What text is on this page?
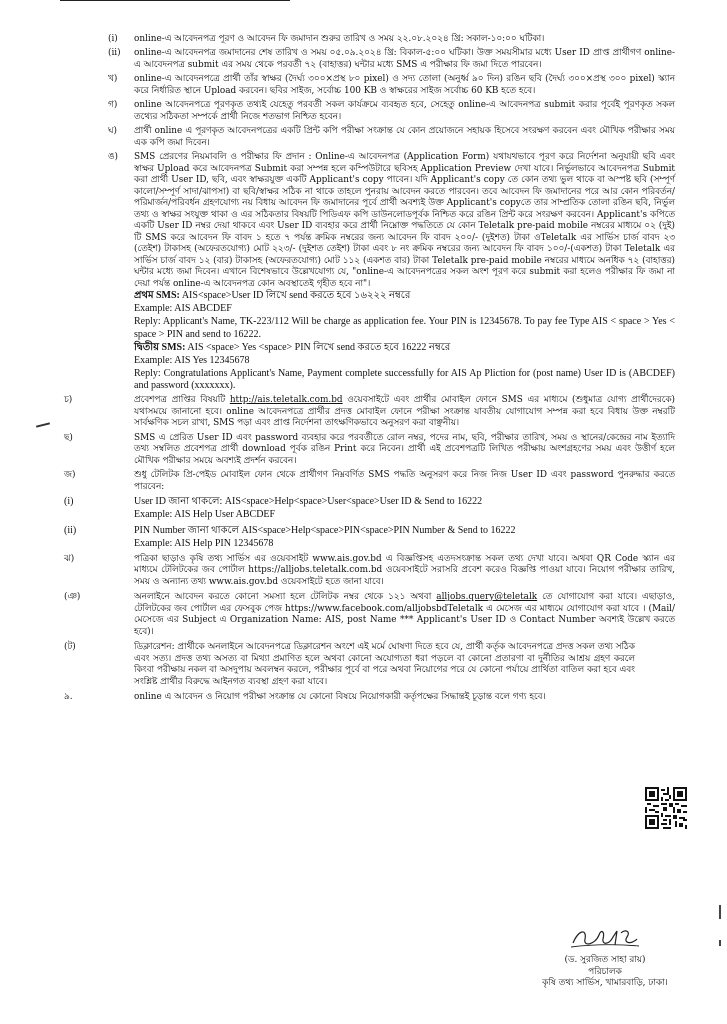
(i) online-এ আবেদনপত্র পূরণ ও আবেদন ফি জমাদান শুরুর তারিখ ও সময় ২২.০৮.২০২৪ খ্রি: সকাল-১০:০০ ঘটিকা।

(ii) online-এ আবেদনপত্র জমাদানের শেষ তারিখ ও সময় ০৫.০৯.২০২৪ খ্রি: বিকাল-৫:০০ ঘটিকা। উক্ত সময়সীমার মধ্যে User ID প্রাপ্ত প্রার্থীগণ online-এ আবেদনপত্র submit এর সময় থেকে পরবর্তী ৭২ (বাহাত্তর) ঘন্টার মধ্যে SMS এ পরীক্ষার ফি জমা দিতে পারবেন।

খ) online-এ আবেদনপত্রে প্রার্থী তাঁর স্বাক্ষর (দৈর্ঘ্য ৩০০×প্রস্থ ৮০ pixel) ও সদ্য তোলা (অনুর্ধ্ব ৯০ দিন) রঙিন ছবি (দৈর্ঘ্য ৩০০×প্রস্থ ৩০০ pixel) স্ক্যান করে নির্ধারিত স্থানে Upload করবেন। ছবির সাইজ, সর্বোচ্চ 100 KB ও স্বাক্ষরের সাইজ সর্বোচ্চ 60 KB হতে হবে।

গ) online আবেদনপত্রে পূরণকৃত তথ্যই যেহেতু পরবর্তী সকল কার্যক্রমে ব্যবহৃত হবে, সেহেতু online-এ আবেদনপত্র submit করার পূর্বেই পূরণকৃত সকল তথ্যের সঠিকতা সম্পর্কে প্রার্থী নিজে শতভাগ নিশ্চিত হবেন।

ঘ) প্রার্থী online এ পূরণকৃত আবেদনপত্রের একটি প্রিন্ট কপি পরীক্ষা সংক্রান্ত যে কোন প্রয়োজনে সহায়ক হিসেবে সংরক্ষণ করবেন এবং মৌখিক পরীক্ষার সময় এক কপি জমা দিবেন।

ঙ) SMS প্রেরণের নিয়মাবলি ও পরীক্ষার ফি প্রদান : Online-এ আবেদনপত্র (Application Form) যথাযথভাবে পূরণ করে নির্দেশনা অনুযায়ী ছবি এবং স্বাক্ষর Upload করে আবেদনপত্র Submit করা সম্পন্ন হলে কম্পিউটারে ছবিসহ Application Preview দেখা যাবে। নির্ভুলভাবে আবেদনপত্র Submit করা প্রার্থী User ID, ছবি, এবং স্বাক্ষরযুক্ত একটি Applicant's copy পাবেন। যদি Applicant's copy তে কোন তথ্য ভুল থাকে বা অস্পষ্ট ছবি (সম্পূর্ণ কালো/সম্পূর্ণ সাদা/ঝাপসা) বা ছবি/স্বাক্ষর সঠিক না থাকে তাহলে পুনরায় আবেদন করতে পারবেন। তবে আবেদন ফি জমাদানের পরে আর কোন পরিবর্তন/পরিমার্জন/পরিবর্ধন গ্রহণযোগ্য নয় বিধায় আবেদন ফি জমাদানের পূর্বে প্রার্থী অবশ্যই উক্ত Applicant's copyতে তার সাম্প্রতিক তোলা রঙিন ছবি, নির্ভুল তথ্য ও স্বাক্ষর সংযুক্ত থাকা ও এর সঠিকতার বিষয়টি পিডিএফ কপি ডাউনলোডপূর্বক নিশ্চিত করে রঙিন প্রিন্ট করে সংরক্ষণ করবেন। Applicant's কপিতে একটি User ID নম্বর দেয়া থাকবে এবং User ID ব্যবহার করে প্রার্থী নিম্নোক্ত পদ্ধতিতে যে কোন Teletalk pre-paid mobile নম্বরের মাধ্যমে ০২ (দুই) টি SMS করে আবেদন ফি বাবদ ১ হতে ৭ পর্যন্ত ক্রমিক নম্বরের জন্য আবেদন ফি বাবদ ২০০/- (দুইশত) টাকা ওTeletalk এর সার্ভিস চার্জ বাবদ ২৩ (তেইশ) টাকাসহ (অফেরতযোগ্য) মোট ২২৩/- (দুইশত তেইশ) টাকা এবং ৮ নং ক্রমিক নম্বরের জন্য আবেদন ফি বাবদ ১০০/-(একশত) টাকা Teletalk এর সার্ভিস চার্জ বাবদ ১২ (বার) টাকাসহ (অফেরতযোগ্য) মোট ১১২ (একশত বার) টাকা Teletalk pre-paid mobile নম্বরের মাধ্যমে অনধিক ৭২ (বাহাত্তর) ঘন্টার মধ্যে জমা দিবেন। এখানে বিশেষভাবে উল্লেখযোগ্য যে, "online-এ আবেদনপত্রের সকল অংশ পূরণ করে submit করা হলেও পরীক্ষার ফি জমা না দেয়া পর্যন্ত online-এ আবেদনপত্র কোন অবস্থাতেই গৃহীত হবে না"।

প্রথম SMS: AIS<space>User ID লিখে send করতে হবে ১৬২২২ নম্বরে

Example: AIS ABCDEF

Reply: Applicant's Name, TK-223/112 Will be charge as application fee. Your PIN is 12345678. To pay fee Type AIS < space > Yes < space > PIN and send to 16222.

দ্বিতীয় SMS: AIS <space> Yes <space> PIN লিখে send করতে হবে 16222 নম্বরে

Example: AIS Yes 12345678

Reply: Congratulations Applicant's Name, Payment complete successfully for AIS Ap Pliction for (post name) User ID is (ABCDEF) and password (xxxxxxx).

চ)	প্রবেশপত্র প্রাপ্তির বিষয়টি http://ais.teletalk.com.bd ওয়েবসাইটে এবং প্রার্থীর মোবাইল ফোনে SMS এর মাধ্যমে (শুধুমাত্র যোগ্য প্রার্থীদেরকে) যথাসময়ে জানানো হবে। online আবেদনপত্রে প্রার্থীর প্রদত্ত মোবাইল ফোনে পরীক্ষা সংক্রান্ত যাবতীয় যোগাযোগ সম্পন্ন করা হবে বিধায় উক্ত নম্বরটি সার্বক্ষণিক সচল রাখা, SMS পড়া এবং প্রাপ্ত নির্দেশনা তাৎক্ষণিকভাবে অনুসরণ করা বাঞ্ছনীয়।

ছ)	SMS এ প্রেরিত User ID এবং password ব্যবহার করে পরবর্তীতে রোল নম্বর, পদের নাম, ছবি, পরীক্ষার তারিখ, সময় ও স্থানের/কেন্দ্রের নাম ইত্যাদি তথ্য সম্বলিত প্রবেশপত্র প্রার্থী download পূর্বক রঙিন Print করে নিবেন। প্রার্থী এই প্রবেশপত্রটি লিখিত পরীক্ষায় অংশগ্রহণের সময় এবং উত্তীর্ণ হলে মৌখিক পরীক্ষার সময়ে অবশ্যই প্রদর্শন করবেন।

জ)	শুধু টেলিটক প্রি-পেইড মোবাইল ফোন থেকে প্রার্থীগণ নিম্নবর্ণিত SMS পদ্ধতি অনুসরণ করে নিজ নিজ User ID এবং password পুনরুদ্ধার করতে পারবেন:

(i)	User ID জানা থাকলে: AIS<space>Help<space>User<space>User ID & Send to 16222

Example: AIS Help User ABCDEF

(ii)	PIN Number জানা থাকলে AIS<space>Help<space>PIN<space>PIN Number & Send to 16222

Example: AIS Help PIN 12345678

ঝ)	পত্রিকা ছাড়াও কৃষি তথ্য সার্ভিস এর ওয়েবসাইট www.ais.gov.bd এ বিজ্ঞপ্তিসহ এতদসংক্রান্ত সকল তথ্য দেখা যাবে। অথবা QR Code স্ক্যান এর মাধ্যমে টেলিটকের জব পোর্টাল https://alljobs.teletalk.com.bd ওয়েবসাইটে সরাসরি প্রবেশ করেও বিজ্ঞপ্তি পাওয়া যাবে। নিয়োগ পরীক্ষার তারিখ, সময় ও অন্যান্য তথ্য www.ais.gov.bd ওয়েবসাইটে হতে জানা যাবে।

(ঞ)	অনলাইনে আবেদন করতে কোনো সমস্যা হলে টেলিটক নম্বর থেকে ১২১ অথবা alljobs.query@teletalk তে যোগাযোগ করা যাবে। এছাড়াও, টেলিটকের জব পোর্টাল এর ফেসবুক পেজ https://www.facebook.com/alljobsbdTeletalk এ মেসেজ এর মাধ্যমে যোগাযোগ করা যাবে । (Mail/মেসেজে এর Subject এ Organization Name: AIS, post Name *** Applicant's User ID ও Contact Number অবশ্যই উল্লেখ করতে হবে)।

(ট)	ডিক্লারেশন: প্রার্থীকে অনলাইনে আবেদনপত্রে ডিক্লারেশন অংশে এই মর্মে ঘোষণা দিতে হবে যে, প্রার্থী কর্তৃক আবেদনপত্রে প্রদত্ত সকল তথ্য সঠিক এবং সত্য। প্রদত্ত তথ্য অসত্য বা মিথ্যা প্রমাণিত হলে অথবা কোনো অযোগ্যতা ধরা পড়লে বা কোনো প্রতারণা বা দুর্নীতির আশ্রয় গ্রহণ করলে কিংবা পরীক্ষায় নকল বা অসদুপায় অবলম্বন করলে, পরীক্ষার পূর্বে বা পরে অথবা নিয়োগের পরে যে কোনো পর্যায়ে প্রার্থিতা বাতিল করা হবে এবং সংশ্লিষ্ট প্রার্থীর বিরুদ্ধে আইনগত ব্যবস্থা গ্রহণ করা যাবে।

৯.	online এ আবেদন ও নিয়োগ পরীক্ষা সংক্রান্ত যে কোনো বিষয়ে নিয়োগকারী কর্তৃপক্ষের সিদ্ধান্তই চূড়ান্ত বলে গণ্য হবে।

(ড. সুরজিত সাহা রায়)
পরিচালক
কৃষি তথ্য সার্ভিস, খামারবাড়ি, ঢাকা।
